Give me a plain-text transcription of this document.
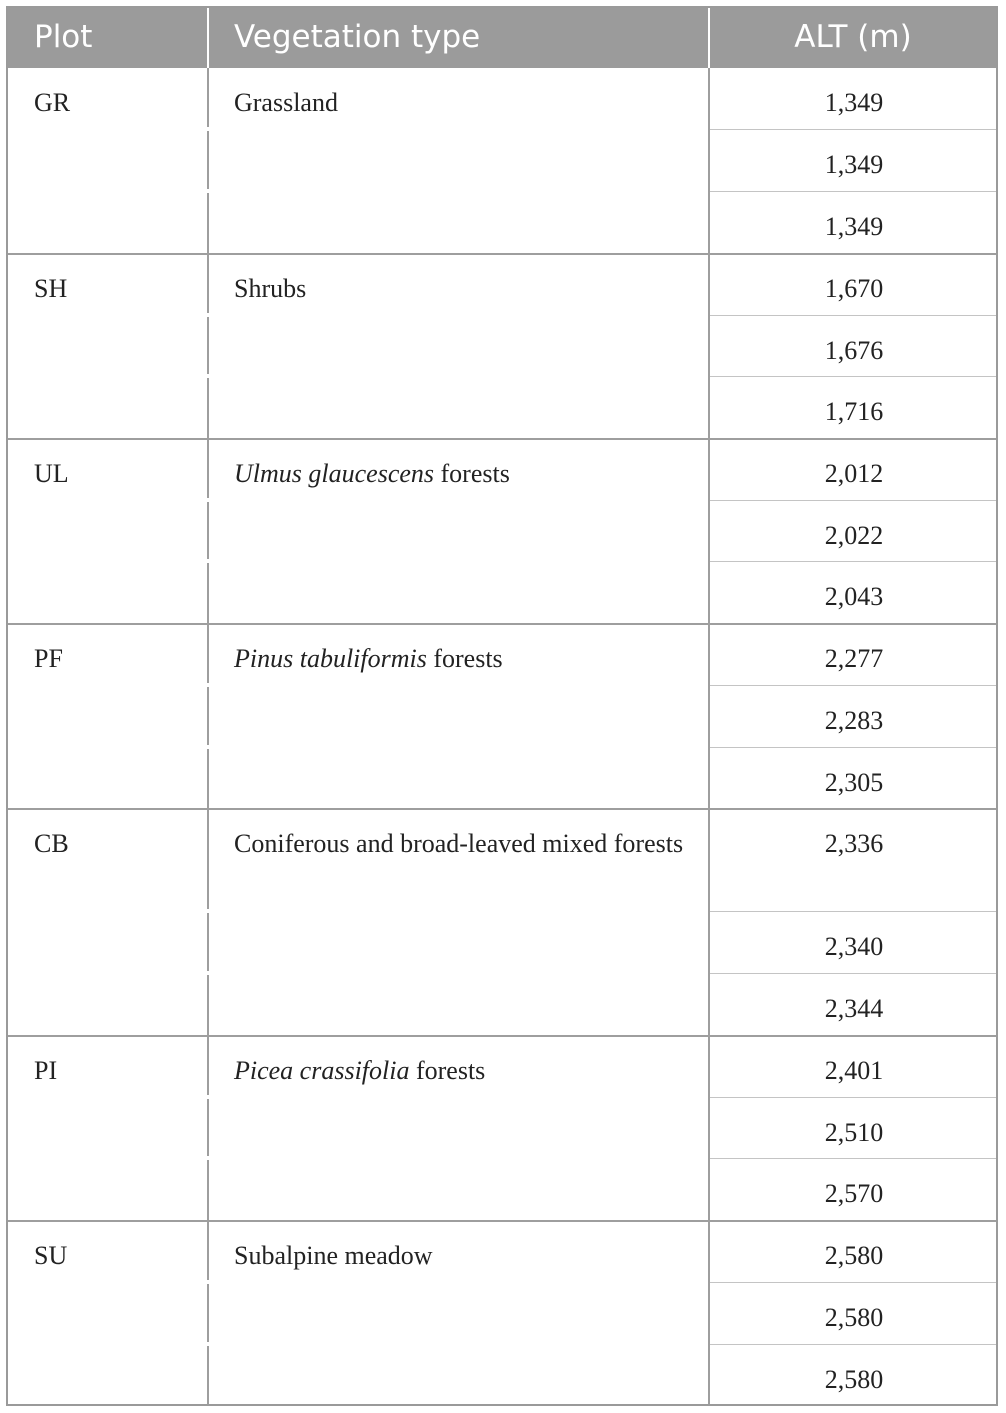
Plot	Vegetation type	ALT (m)
GR	Grassland	1,349
1,349
1,349
SH	Shrubs	1,670
1,676
1,716
UL	Ulmus glaucescens forests	2,012
2,022
2,043
PF	Pinus tabuliformis forests	2,277
2,283
2,305
CB	Coniferous and broad-leaved mixed forests	2,336
2,340
2,344
PI	Picea crassifolia forests	2,401
2,510
2,570
SU	Subalpine meadow	2,580
2,580
2,580
